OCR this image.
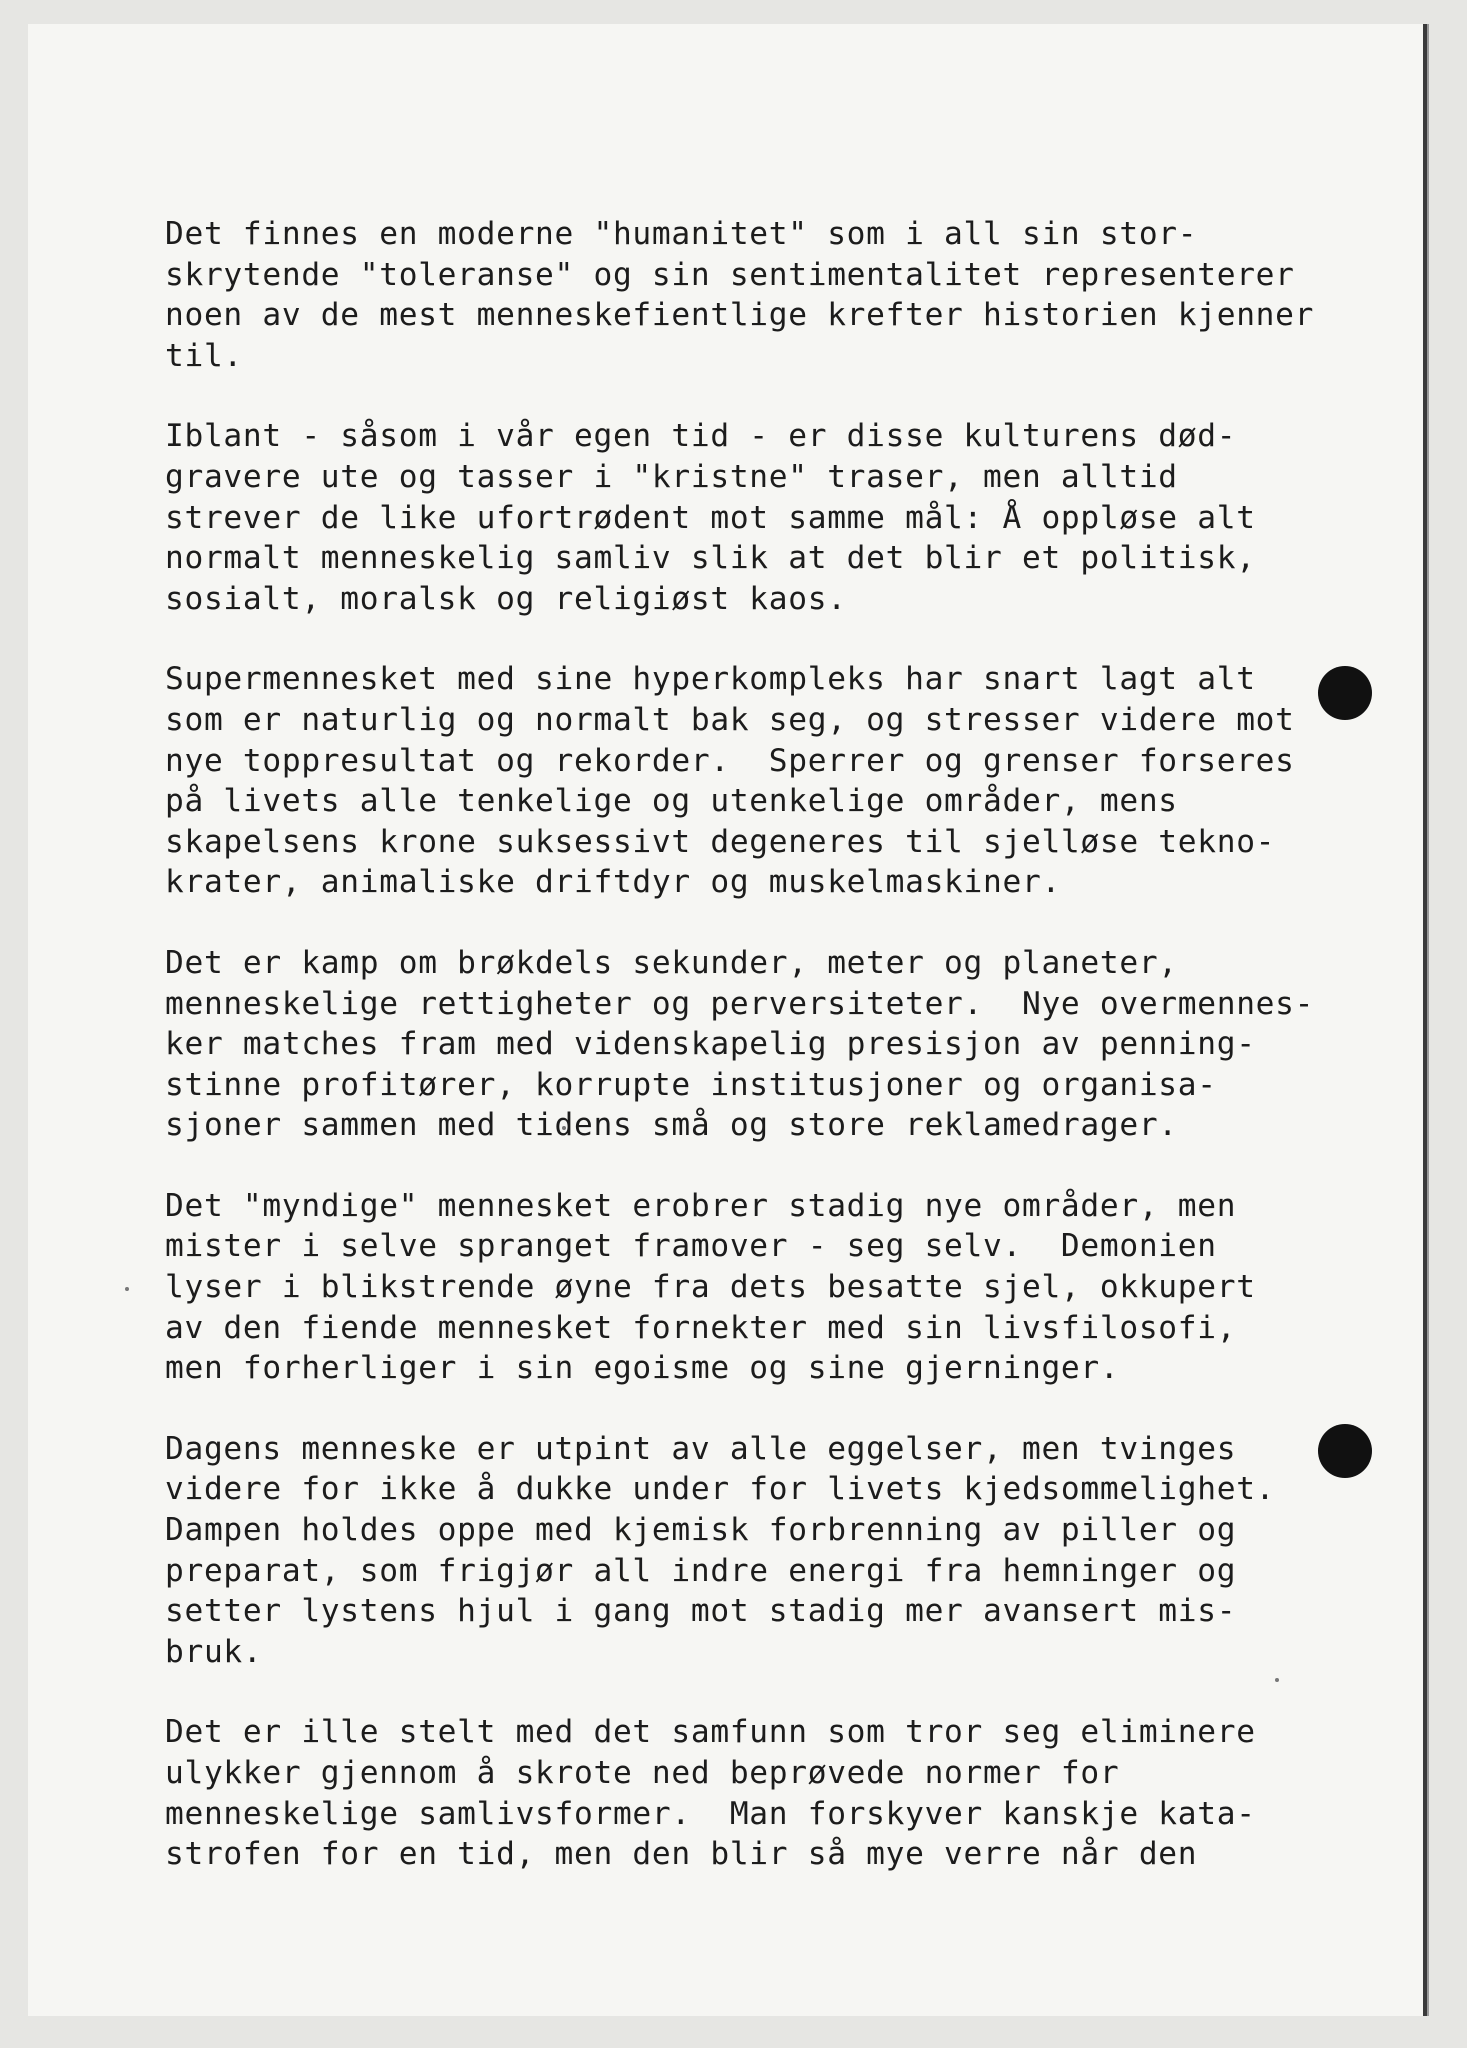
Det finnes en moderne "humanitet" som i all sin stor-
skrytende "toleranse" og sin sentimentalitet representerer
noen av de mest menneskefientlige krefter historien kjenner
til.
Iblant - såsom i vår egen tid - er disse kulturens død-
gravere ute og tasser i "kristne" traser, men alltid
strever de like ufortrødent mot samme mål: Å oppløse alt
normalt menneskelig samliv slik at det blir et politisk,
sosialt, moralsk og religiøst kaos.
Supermennesket med sine hyperkompleks har snart lagt alt
som er naturlig og normalt bak seg, og stresser videre mot
nye toppresultat og rekorder.  Sperrer og grenser forseres
på livets alle tenkelige og utenkelige områder, mens
skapelsens krone suksessivt degeneres til sjelløse tekno-
krater, animaliske driftdyr og muskelmaskiner.
Det er kamp om brøkdels sekunder, meter og planeter,
menneskelige rettigheter og perversiteter.  Nye overmennes-
ker matches fram med videnskapelig presisjon av penning-
stinne profitører, korrupte institusjoner og organisa-
sjoner sammen med tidens små og store reklamedrager.
Det "myndige" mennesket erobrer stadig nye områder, men
mister i selve spranget framover - seg selv.  Demonien
lyser i blikstrende øyne fra dets besatte sjel, okkupert
av den fiende mennesket fornekter med sin livsfilosofi,
men forherliger i sin egoisme og sine gjerninger.
Dagens menneske er utpint av alle eggelser, men tvinges
videre for ikke å dukke under for livets kjedsommelighet.
Dampen holdes oppe med kjemisk forbrenning av piller og
preparat, som frigjør all indre energi fra hemninger og
setter lystens hjul i gang mot stadig mer avansert mis-
bruk.
Det er ille stelt med det samfunn som tror seg eliminere
ulykker gjennom å skrote ned beprøvede normer for
menneskelige samlivsformer.  Man forskyver kanskje kata-
strofen for en tid, men den blir så mye verre når den
